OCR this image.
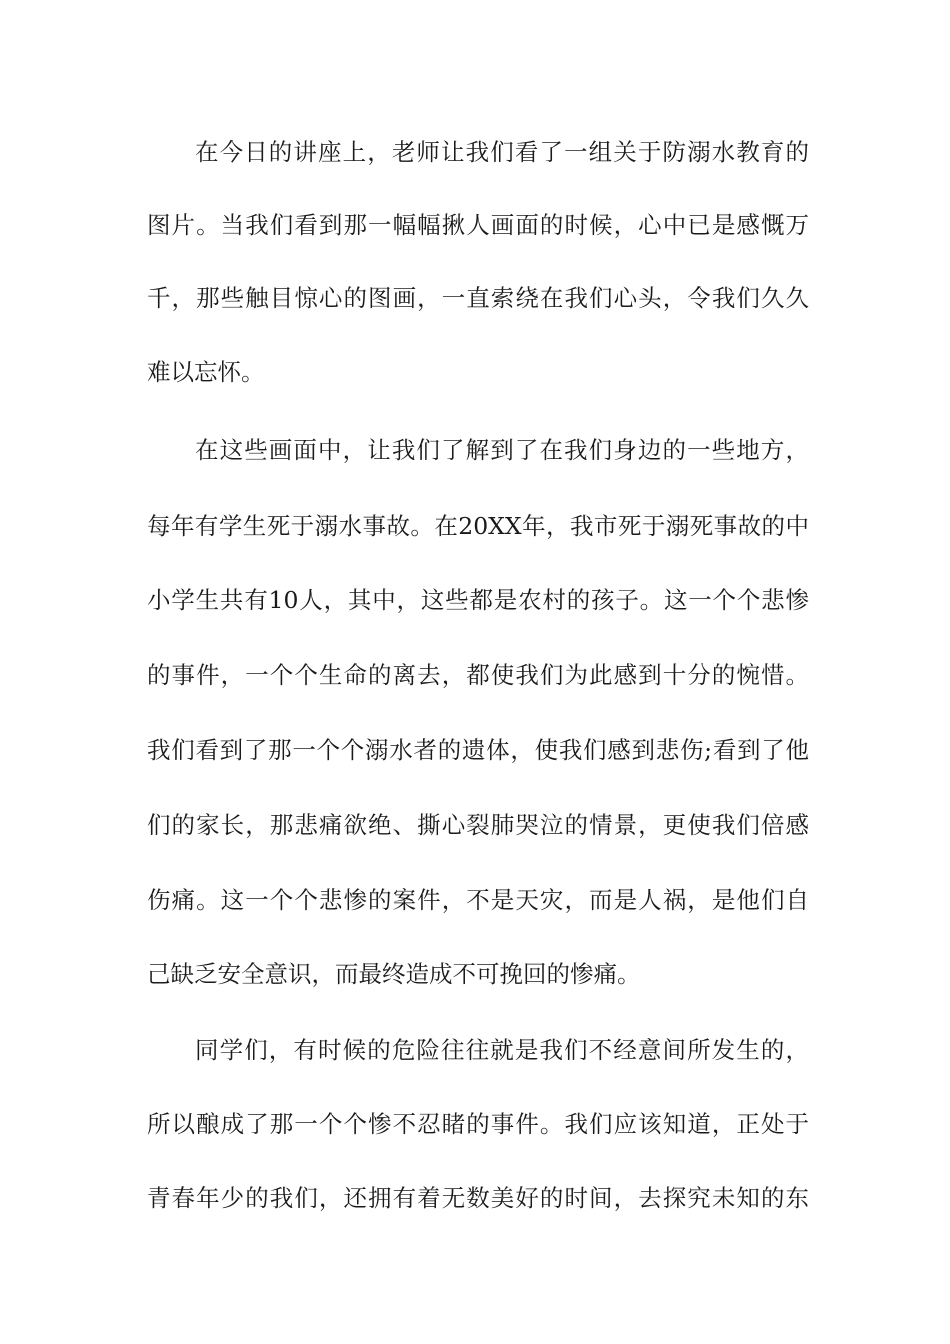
在今日的讲座上，老师让我们看了一组关于防溺水教育的
图片。当我们看到那一幅幅揪人画面的时候，心中已是感慨万
千，那些触目惊心的图画，一直索绕在我们心头，令我们久久
难以忘怀。
在这些画面中，让我们了解到了在我们身边的一些地方，
每年有学生死于溺水事故。在20XX年，我市死于溺死事故的中
小学生共有10人，其中，这些都是农村的孩子。这一个个悲惨
的事件，一个个生命的离去，都使我们为此感到十分的惋惜。
我们看到了那一个个溺水者的遗体，使我们感到悲伤;看到了他
们的家长，那悲痛欲绝、撕心裂肺哭泣的情景，更使我们倍感
伤痛。这一个个悲惨的案件，不是天灾，而是人祸，是他们自
己缺乏安全意识，而最终造成不可挽回的惨痛。
同学们，有时候的危险往往就是我们不经意间所发生的，
所以酿成了那一个个惨不忍睹的事件。我们应该知道，正处于
青春年少的我们，还拥有着无数美好的时间，去探究未知的东
